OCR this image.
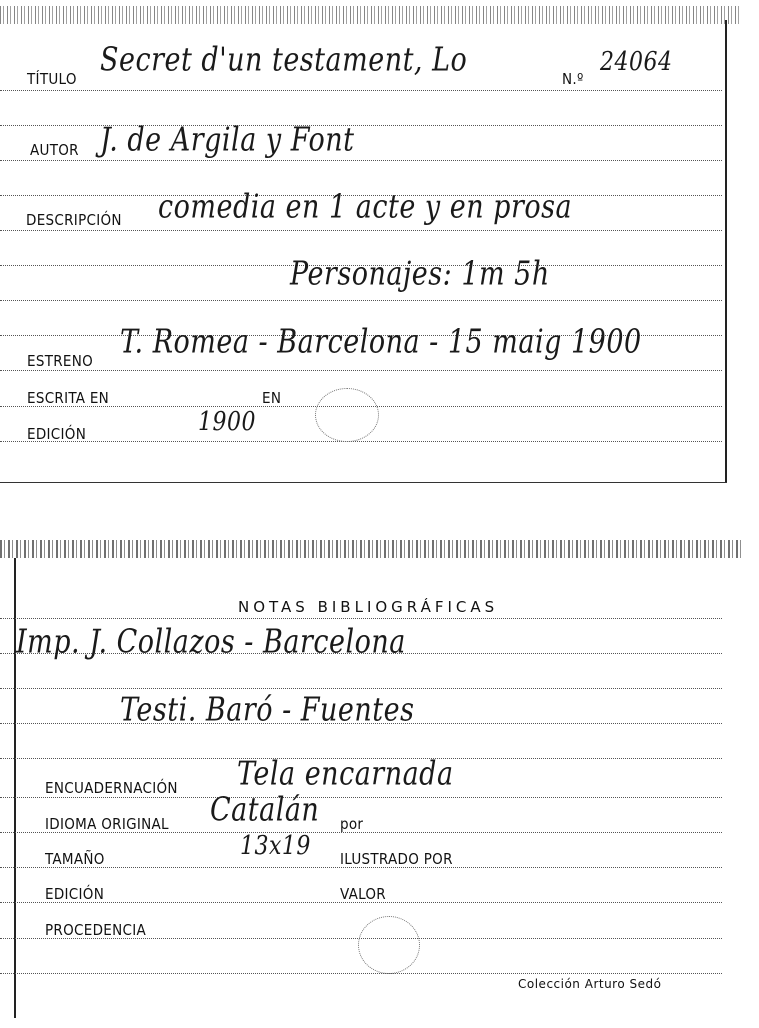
TÍTULO Secret d'un testament, Lo	N.º
24064
AUTOR J. de Argila y Font
DESCRIPCIÓN comedia en 1 acte y en prosa
Personajes: 1m 5h
ESTRENO T. Romea - Barcelona - 15 maig 1900
ESCRITA EN	EN
EDICIÓN	1900
NOTAS BIBLIOGRÁFICAS
Imp. J. Collazos - Barcelona
Testi. Baró - Fuentes
ENCUADERNACIÓN Tela encarnada
IDIOMA ORIGINAL Catalán por
TAMAÑO	13x19 ILUSTRADO POR
EDICIÓN	VALOR
PROCEDENCIA
Colección Arturo Sedó
